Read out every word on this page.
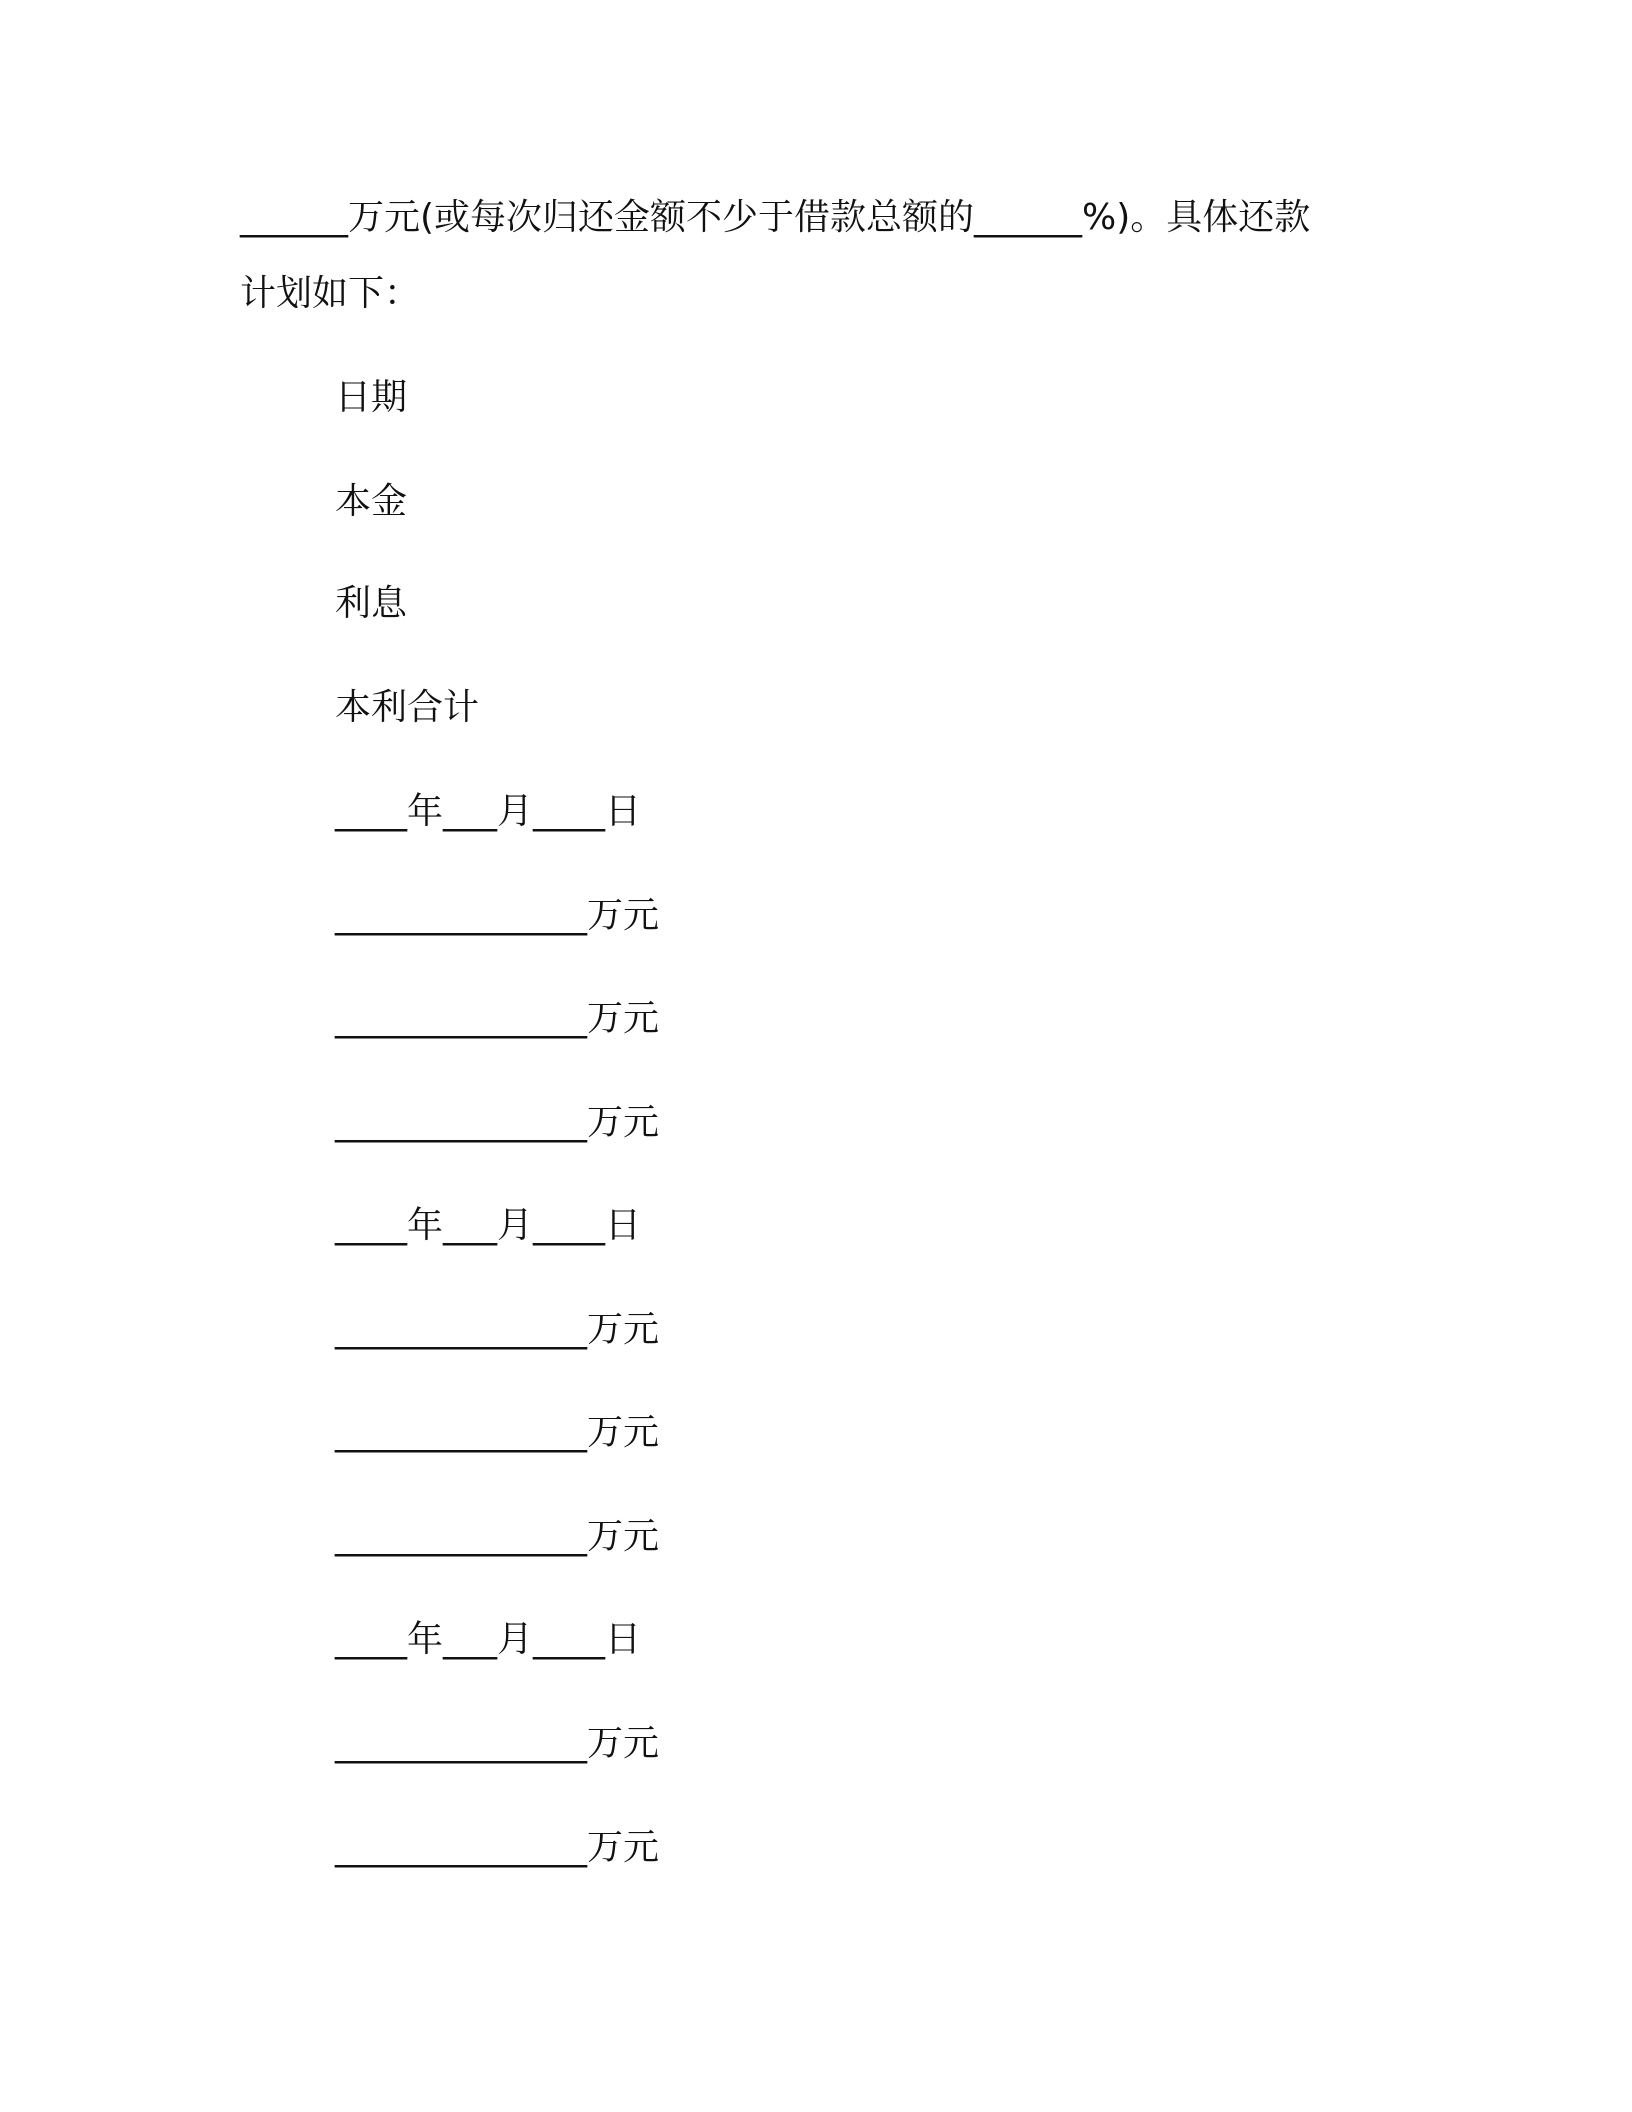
______万元(或每次归还金额不少于借款总额的______%)。具体还款
计划如下：
日期
本金
利息
本利合计
____年___月____日
______________万元
______________万元
______________万元
____年___月____日
______________万元
______________万元
______________万元
____年___月____日
______________万元
______________万元
